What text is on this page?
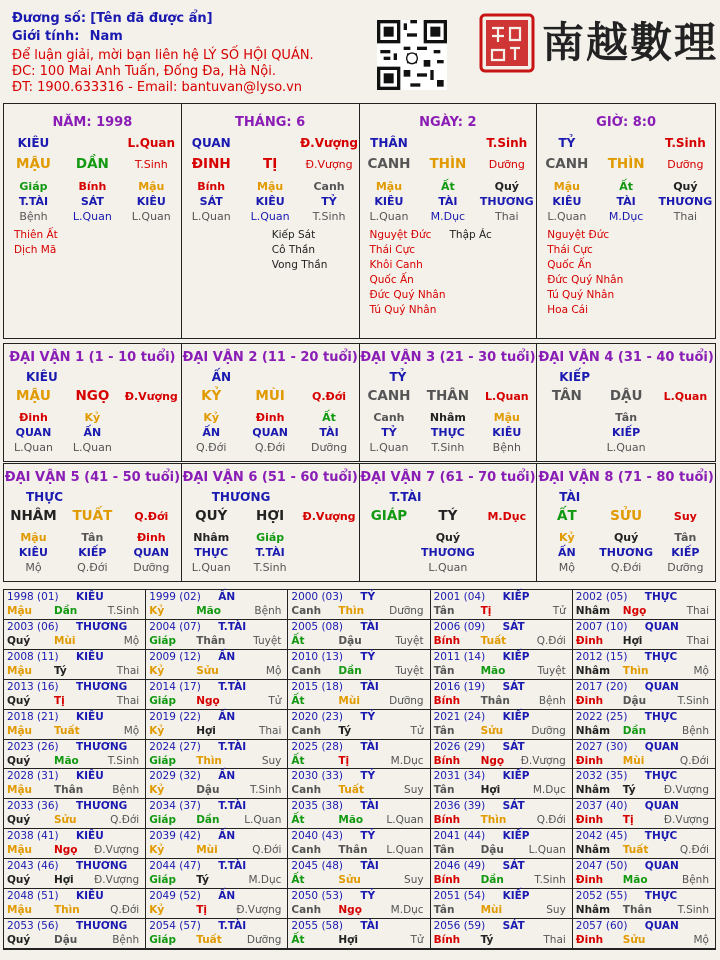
Đương số: [Tên đã được ẩn]
Giới tính: Nam
Để luận giải, mời bạn liên hệ LÝ SỐ HỘI QUÁN.
ĐC: 100 Mai Anh Tuấn, Đống Đa, Hà Nội.
ĐT: 1900.633316 - Email: bantuvan@lyso.vn
南越數理
NĂM: 1998
KIÊU	L.Quan
MẬU	DẦN	T.Sinh
Giáp	Bính	Mậu
T.TÀI	SÁT	KIÊU
Bệnh	L.Quan	L.Quan
Thiên Ất
Dịch Mã
THÁNG: 6
QUAN	Đ.Vượng
ĐINH	TỊ	Đ.Vượng
Bính	Mậu	Canh
SÁT	KIÊU	TỶ
L.Quan	L.Quan	T.Sinh
Kiếp Sát
Cô Thần
Vong Thần
NGÀY: 2
THÂN	T.Sinh
CANH	THÌN	Dưỡng
Mậu	Ất	Quý
KIÊU	TÀI	THƯƠNG
L.Quan	M.Dục	Thai
Nguyệt Đức
Thái Cực
Khôi Canh
Quốc Ấn
Đức Quý Nhân
Tú Quý Nhân
Thập Ác
GIỜ: 8:0
TỶ	T.Sinh
CANH	THÌN	Dưỡng
Mậu	Ất	Quý
KIÊU	TÀI	THƯƠNG
L.Quan	M.Dục	Thai
Nguyệt Đức
Thái Cực
Quốc Ấn
Đức Quý Nhân
Tú Quý Nhân
Hoa Cái
ĐẠI VẬN 1 (1 - 10 tuổi)
KIÊU
MẬU	NGỌ	Đ.Vượng
Đinh	Kỷ
QUAN	ẤN
L.Quan	L.Quan
ĐẠI VẬN 2 (11 - 20 tuổi)
ẤN
KỶ	MÙI	Q.Đới
Kỷ	Đinh	Ất
ẤN	QUAN	TÀI
Q.Đới	Q.Đới	Dưỡng
ĐẠI VẬN 3 (21 - 30 tuổi)
TỶ
CANH	THÂN	L.Quan
Canh	Nhâm	Mậu
TỶ	THỰC	KIÊU
L.Quan	T.Sinh	Bệnh
ĐẠI VẬN 4 (31 - 40 tuổi)
KIẾP
TÂN	DẬU	L.Quan
Tân
KIẾP
L.Quan
ĐẠI VẬN 5 (41 - 50 tuổi)
THỰC
NHÂM	TUẤT	Q.Đới
Mậu	Tân	Đinh
KIÊU	KIẾP	QUAN
Mộ	Q.Đới	Dưỡng
ĐẠI VẬN 6 (51 - 60 tuổi)
THƯƠNG
QUÝ	HỢI	Đ.Vượng
Nhâm	Giáp
THỰC	T.TÀI
L.Quan	T.Sinh
ĐẠI VẬN 7 (61 - 70 tuổi)
T.TÀI
GIÁP	TÝ	M.Dục
Quý
THƯƠNG
L.Quan
ĐẠI VẬN 8 (71 - 80 tuổi)
TÀI
ẤT	SỬU	Suy
Kỷ	Quý	Tân
ẤN	THƯƠNG	KIẾP
Mộ	Q.Đới	Dưỡng
1998 (01) KIÊU
Mậu Dần	T.Sinh
1999 (02) ẤN
Kỷ	Mão	Bệnh
2000 (03) TỶ
Canh Thìn Dưỡng
2001 (04) KIẾP
Tân Tị	Tử
2002 (05) THỰC
Nhâm Ngọ	Thai
2003 (06) THƯƠNG
Quý Mùi	Mộ
2004 (07) T.TÀI
Giáp Thân	Tuyệt
2005 (08) TÀI
Ất	Dậu	Tuyệt
2006 (09) SÁT
Bính Tuất	Q.Đới
2007 (10) QUAN
Đinh Hợi	Thai
2008 (11) KIÊU
Mậu Tý	Thai
2009 (12) ẤN
Kỷ	Sửu	Mộ
2010 (13) TỶ
Canh Dần	Tuyệt
2011 (14) KIẾP
Tân Mão	Tuyệt
2012 (15) THỰC
Nhâm Thìn	Mộ
2013 (16) THƯƠNG
Quý Tị	Thai
2014 (17) T.TÀI
Giáp Ngọ	Tử
2015 (18) TÀI
Ất	Mùi	Dưỡng
2016 (19) SÁT
Bính Thân	Bệnh
2017 (20) QUAN
Đinh Dậu	T.Sinh
2018 (21) KIÊU
Mậu Tuất	Mộ
2019 (22) ẤN
Kỷ	Hợi	Thai
2020 (23) TỶ
Canh Tý	Tử
2021 (24) KIẾP
Tân Sửu	Dưỡng
2022 (25) THỰC
Nhâm Dần	Bệnh
2023 (26) THƯƠNG
Quý Mão	T.Sinh
2024 (27) T.TÀI
Giáp Thìn	Suy
2025 (28) TÀI
Ất	Tị	M.Dục
2026 (29) SÁT
Bính Ngọ Đ.Vượng
2027 (30) QUAN
Đinh Mùi	Q.Đới
2028 (31) KIÊU
Mậu Thân	Bệnh
2029 (32) ẤN
Kỷ	Dậu	T.Sinh
2030 (33) TỶ
Canh Tuất	Suy
2031 (34) KIẾP
Tân Hợi	M.Dục
2032 (35) THỰC
Nhâm Tý	Đ.Vượng
2033 (36) THƯƠNG
Quý Sửu	Q.Đới
2034 (37) T.TÀI
Giáp Dần L.Quan
2035 (38) TÀI
Ất	Mão L.Quan
2036 (39) SÁT
Bính Thìn	Q.Đới
2037 (40) QUAN
Đinh Tị	Đ.Vượng
2038 (41) KIÊU
Mậu Ngọ Đ.Vượng
2039 (42) ẤN
Kỷ	Mùi	Q.Đới
2040 (43) TỶ
Canh Thân L.Quan
2041 (44) KIẾP
Tân Dậu L.Quan
2042 (45) THỰC
Nhâm Tuất	Q.Đới
2043 (46) THƯƠNG
Quý Hợi Đ.Vượng
2044 (47) T.TÀI
Giáp Tý	M.Dục
2045 (48) TÀI
Ất	Sửu	Suy
2046 (49) SÁT
Bính Dần	T.Sinh
2047 (50) QUAN
Đinh Mão	Bệnh
2048 (51) KIÊU
Mậu Thìn	Q.Đới
2049 (52) ẤN
Kỷ	Tị	Đ.Vượng
2050 (53) TỶ
Canh Ngọ	M.Dục
2051 (54) KIẾP
Tân Mùi	Suy
2052 (55) THỰC
Nhâm Thân T.Sinh
2053 (56) THƯƠNG
Quý Dậu	Bệnh
2054 (57) T.TÀI
Giáp Tuất Dưỡng
2055 (58) TÀI
Ất	Hợi	Tử
2056 (59) SÁT
Bính Tý	Thai
2057 (60) QUAN
Đinh Sửu	Mộ
